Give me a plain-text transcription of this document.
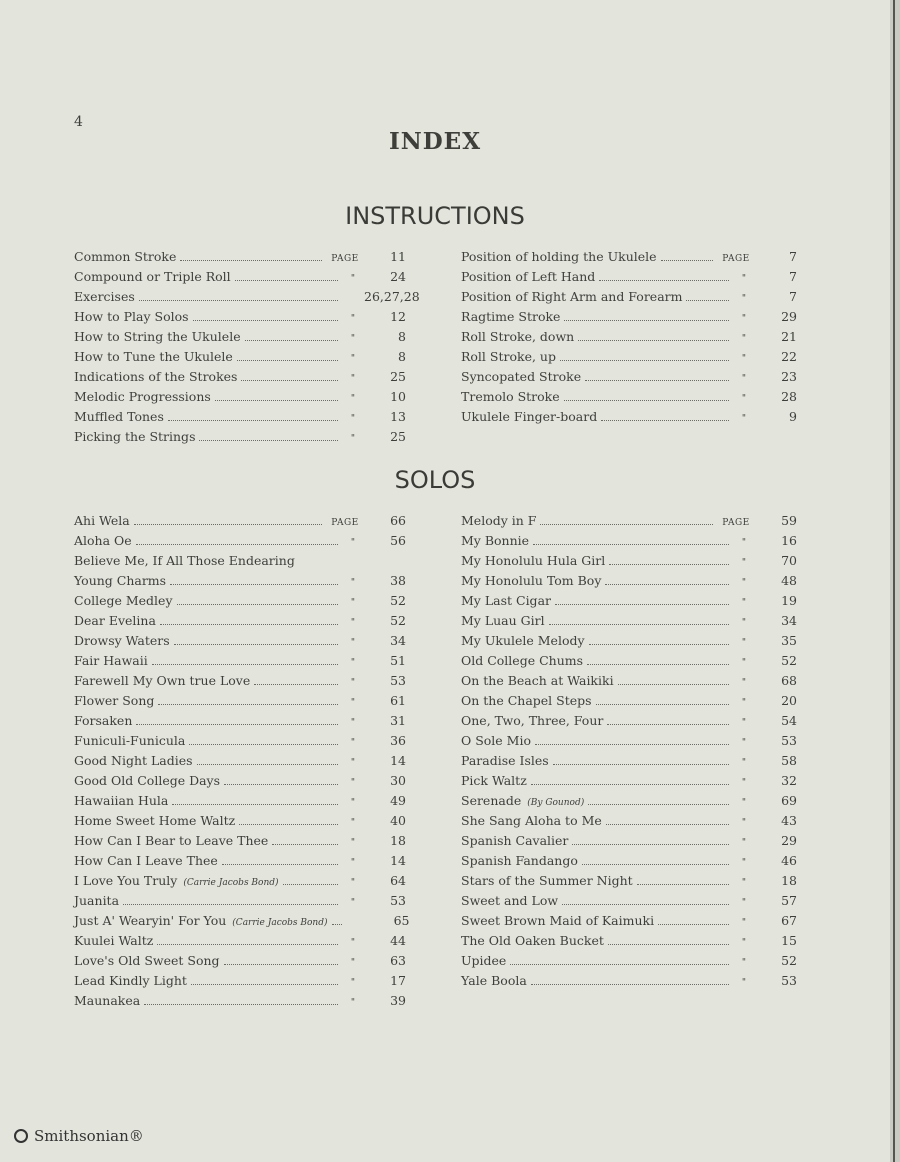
4
INDEX
INSTRUCTIONS
Common Stroke	PAGE	11
Compound or Triple Roll	"	24
Exercises	26,27,28
How to Play Solos	"	12
How to String the Ukulele	"	8
How to Tune the Ukulele	"	8
Indications of the Strokes	"	25
Melodic Progressions	"	10
Muffled Tones	"	13
Picking the Strings	"	25
Position of holding the Ukulele	PAGE	7
Position of Left Hand	"	7
Position of Right Arm and Forearm	"	7
Ragtime Stroke	"	29
Roll Stroke, down	"	21
Roll Stroke, up	"	22
Syncopated Stroke	"	23
Tremolo Stroke	"	28
Ukulele Finger-board	"	9
SOLOS
Ahi Wela	PAGE	66
Aloha Oe	"	56
Believe Me, If All Those Endearing
Young Charms	"	38
College Medley	"	52
Dear Evelina	"	52
Drowsy Waters	"	34
Fair Hawaii	"	51
Farewell My Own true Love	"	53
Flower Song	"	61
Forsaken	"	31
Funiculi-Funicula	"	36
Good Night Ladies	"	14
Good Old College Days	"	30
Hawaiian Hula	"	49
Home Sweet Home Waltz	"	40
How Can I Bear to Leave Thee	"	18
How Can I Leave Thee	"	14
I Love You Truly (Carrie Jacobs Bond)	"	64
Juanita	"	53
Just A' Wearyin' For You (Carrie Jacobs Bond)	65
Kuulei Waltz	"	44
Love's Old Sweet Song	"	63
Lead Kindly Light	"	17
Maunakea	"	39
Melody in F	PAGE	59
My Bonnie	"	16
My Honolulu Hula Girl	"	70
My Honolulu Tom Boy	"	48
My Last Cigar	"	19
My Luau Girl	"	34
My Ukulele Melody	"	35
Old College Chums	"	52
On the Beach at Waikiki	"	68
On the Chapel Steps	"	20
One, Two, Three, Four	"	54
O Sole Mio	"	53
Paradise Isles	"	58
Pick Waltz	"	32
Serenade (By Gounod)	"	69
She Sang Aloha to Me	"	43
Spanish Cavalier	"	29
Spanish Fandango	"	46
Stars of the Summer Night	"	18
Sweet and Low	"	57
Sweet Brown Maid of Kaimuki	"	67
The Old Oaken Bucket	"	15
Upidee	"	52
Yale Boola	"	53
Smithsonian®
